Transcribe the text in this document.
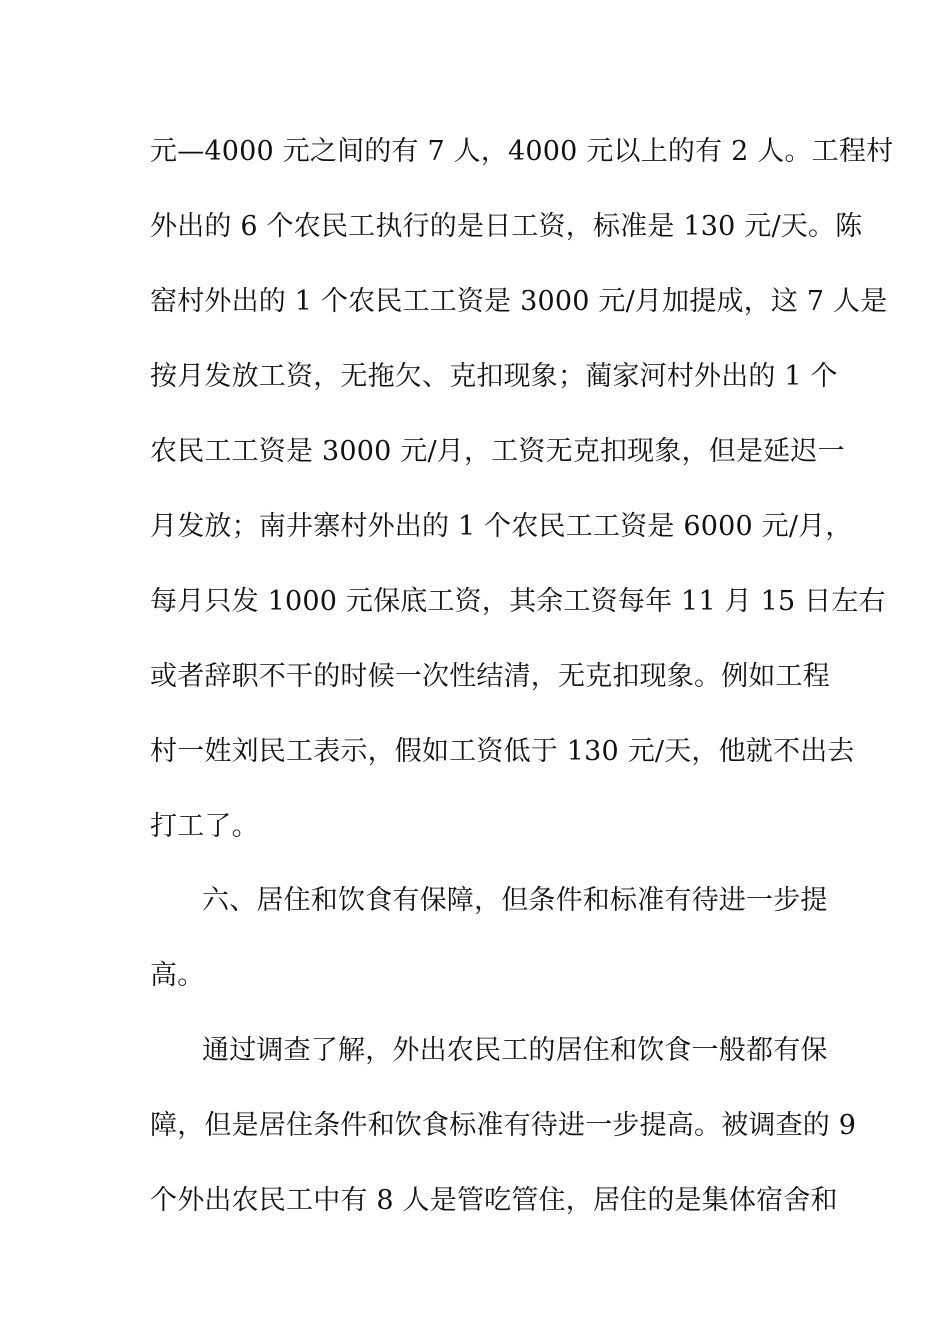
元—4000 元之间的有 7 人，4000 元以上的有 2 人。工程村
外出的 6 个农民工执行的是日工资，标准是 130 元/天。陈
窑村外出的 1 个农民工工资是 3000 元/月加提成，这 7 人是
按月发放工资，无拖欠、克扣现象；蔺家河村外出的 1 个
农民工工资是 3000 元/月，工资无克扣现象，但是延迟一
月发放；南井寨村外出的 1 个农民工工资是 6000 元/月，
每月只发 1000 元保底工资，其余工资每年 11 月 15 日左右
或者辞职不干的时候一次性结清，无克扣现象。例如工程
村一姓刘民工表示，假如工资低于 130 元/天，他就不出去
打工了。
六、居住和饮食有保障，但条件和标准有待进一步提
高。
通过调查了解，外出农民工的居住和饮食一般都有保
障，但是居住条件和饮食标准有待进一步提高。被调查的 9
个外出农民工中有 8 人是管吃管住，居住的是集体宿舍和
